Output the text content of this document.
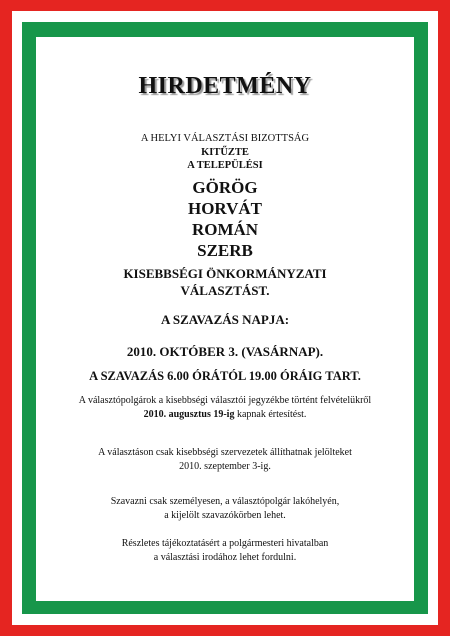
HIRDETMÉNY
A HELYI VÁLASZTÁSI BIZOTTSÁG
KITŰZTE
A TELEPÜLÉSI
GÖRÖG
HORVÁT
ROMÁN
SZERB
KISEBBSÉGI ÖNKORMÁNYZATI
VÁLASZTÁST.
A SZAVAZÁS NAPJA:
2010. OKTÓBER 3. (VASÁRNAP).
A SZAVAZÁS 6.00 ÓRÁTÓL 19.00 ÓRÁIG TART.
A választópolgárok a kisebbségi választói jegyzékbe történt felvételükről
2010. augusztus 19-ig kapnak értesítést.
A választáson csak kisebbségi szervezetek állíthatnak jelölteket
2010. szeptember 3-ig.
Szavazni csak személyesen, a választópolgár lakóhelyén,
a kijelölt szavazókörben lehet.
Részletes tájékoztatásért a polgármesteri hivatalban
a választási irodához lehet fordulni.
